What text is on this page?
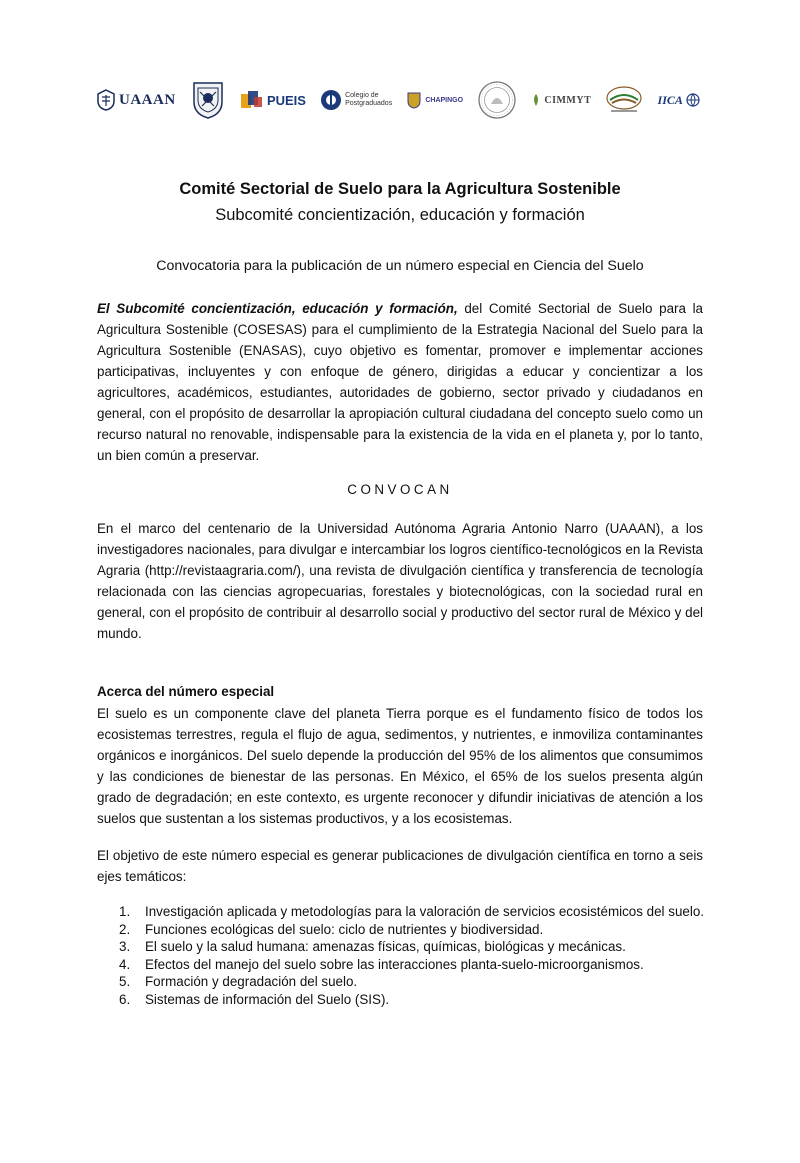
UAAAN	PUEIS	Colegio de
Postgraduados	CHAPINGO	CIMMYT	IICA
Comité Sectorial de Suelo para la Agricultura Sostenible
Subcomité concientización, educación y formación
Convocatoria para la publicación de un número especial en Ciencia del Suelo

El Subcomité concientización, educación y formación, del Comité Sectorial de Suelo para la Agricultura Sostenible (COSESAS) para el cumplimiento de la Estrategia Nacional del Suelo para la Agricultura Sostenible (ENASAS), cuyo objetivo es fomentar, promover e implementar acciones participativas, incluyentes y con enfoque de género, dirigidas a educar y concientizar a los agricultores, académicos, estudiantes, autoridades de gobierno, sector privado y ciudadanos en general, con el propósito de desarrollar la apropiación cultural ciudadana del concepto suelo como un recurso natural no renovable, indispensable para la existencia de la vida en el planeta y, por lo tanto, un bien común a preservar.

CONVOCAN

En el marco del centenario de la Universidad Autónoma Agraria Antonio Narro (UAAAN), a los investigadores nacionales, para divulgar e intercambiar los logros científico-tecnológicos en la Revista Agraria (http://revistaagraria.com/), una revista de divulgación científica y transferencia de tecnología relacionada con las ciencias agropecuarias, forestales y biotecnológicas, con la sociedad rural en general, con el propósito de contribuir al desarrollo social y productivo del sector rural de México y del mundo.

Acerca del número especial

El suelo es un componente clave del planeta Tierra porque es el fundamento físico de todos los ecosistemas terrestres, regula el flujo de agua, sedimentos, y nutrientes, e inmoviliza contaminantes orgánicos e inorgánicos. Del suelo depende la producción del 95% de los alimentos que consumimos y las condiciones de bienestar de las personas. En México, el 65% de los suelos presenta algún grado de degradación; en este contexto, es urgente reconocer y difundir iniciativas de atención a los suelos que sustentan a los sistemas productivos, y a los ecosistemas.

El objetivo de este número especial es generar publicaciones de divulgación científica en torno a seis ejes temáticos:

1.	Investigación aplicada y metodologías para la valoración de servicios ecosistémicos del suelo.
2.	Funciones ecológicas del suelo: ciclo de nutrientes y biodiversidad.
3.	El suelo y la salud humana: amenazas físicas, químicas, biológicas y mecánicas.
4.	Efectos del manejo del suelo sobre las interacciones planta-suelo-microorganismos.
5.	Formación y degradación del suelo.
6.	Sistemas de información del Suelo (SIS).
